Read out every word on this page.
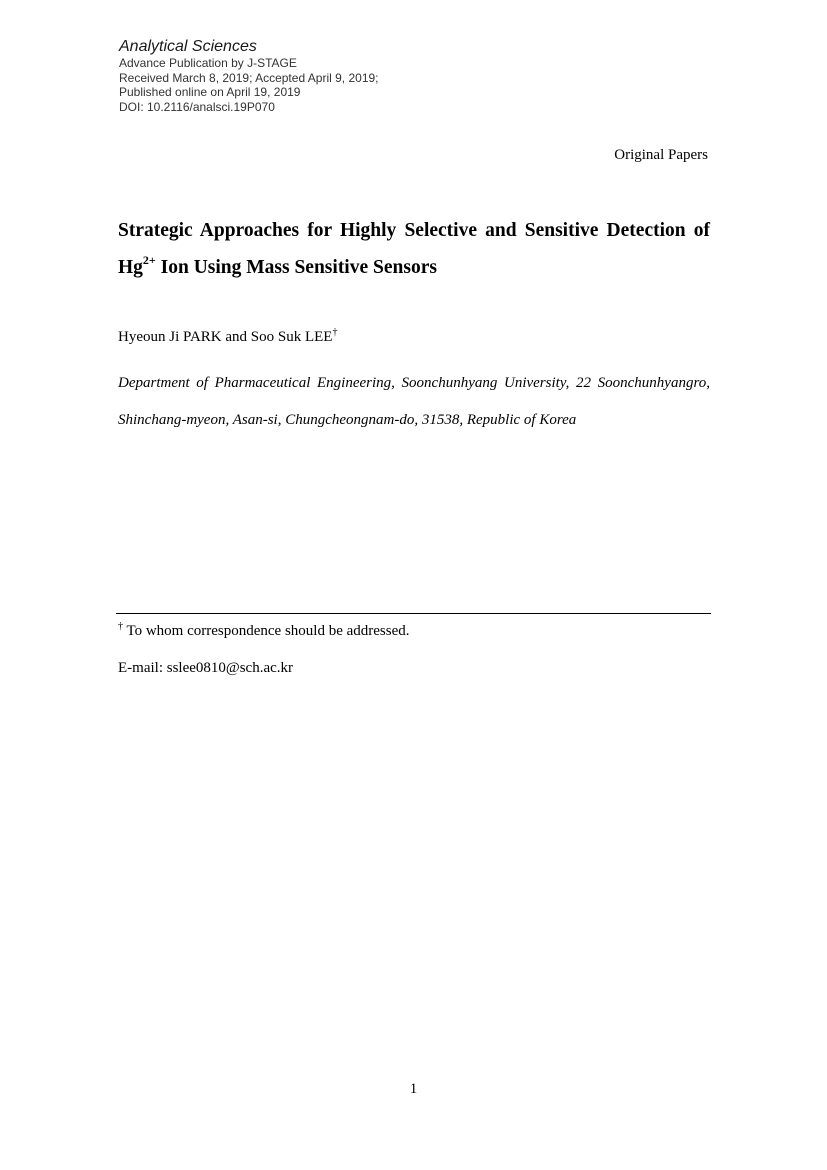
Analytical Sciences
Advance Publication by J-STAGE
Received March 8, 2019; Accepted April 9, 2019;
Published online on April 19, 2019
DOI: 10.2116/analsci.19P070
Original Papers
Strategic Approaches for Highly Selective and Sensitive Detection of
$Hg^{2+}$ Ion Using Mass Sensitive Sensors
Hyeoun Ji PARK and Soo Suk LEE†
Department of Pharmaceutical Engineering, Soonchunhyang University, 22 Soonchunhyangro,
Shinchang-myeon, Asan-si, Chungcheongnam-do, 31538, Republic of Korea
† To whom correspondence should be addressed.
E-mail: sslee0810@sch.ac.kr
1
